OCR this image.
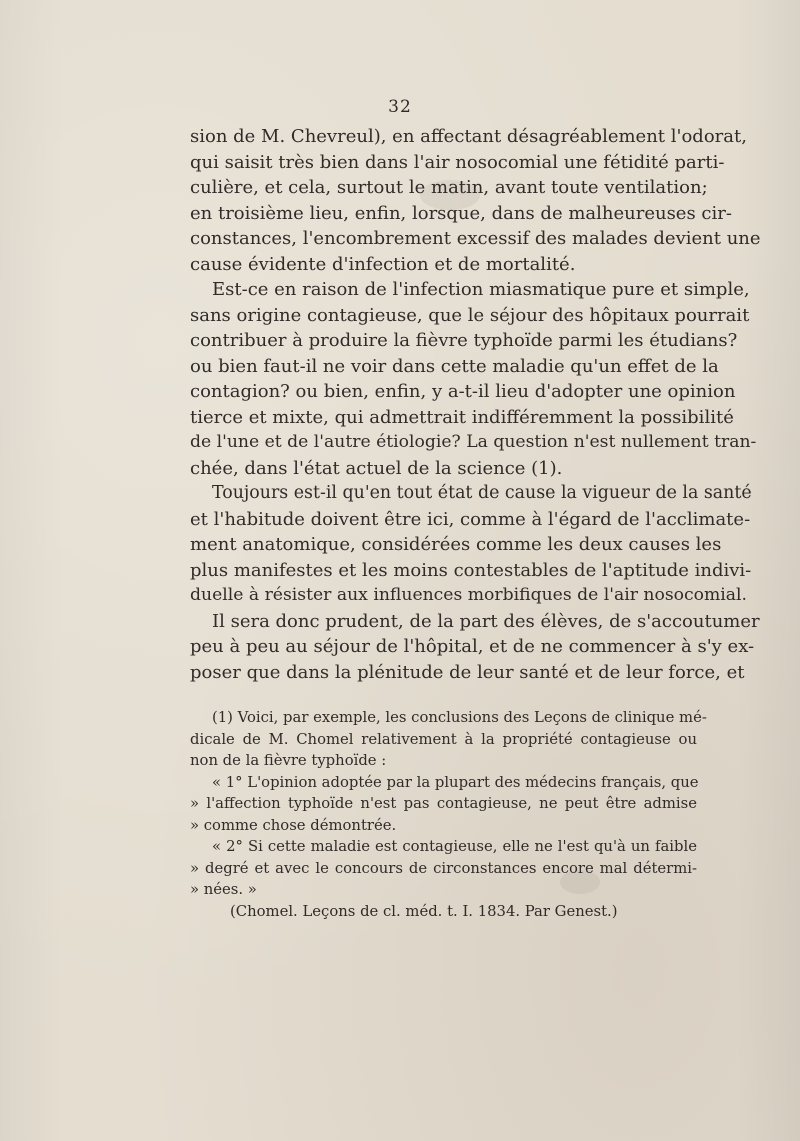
32
sion de M. Chevreul), en affectant désagréablement l'odorat,
qui saisit très bien dans l'air nosocomial une fétidité parti-
culière, et cela, surtout le matin, avant toute ventilation;
en troisième lieu, enfin, lorsque, dans de malheureuses cir-
constances, l'encombrement excessif des malades devient une
cause évidente d'infection et de mortalité.
Est-ce en raison de l'infection miasmatique pure et simple,
sans origine contagieuse, que le séjour des hôpitaux pourrait
contribuer à produire la fièvre typhoïde parmi les étudians?
ou bien faut-il ne voir dans cette maladie qu'un effet de la
contagion? ou bien, enfin, y a-t-il lieu d'adopter une opinion
tierce et mixte, qui admettrait indifféremment la possibilité
de l'une et de l'autre étiologie? La question n'est nullement tran-
chée, dans l'état actuel de la science (1).
Toujours est-il qu'en tout état de cause la vigueur de la santé
et l'habitude doivent être ici, comme à l'égard de l'acclimate-
ment anatomique, considérées comme les deux causes les
plus manifestes et les moins contestables de l'aptitude indivi-
duelle à résister aux influences morbifiques de l'air nosocomial.
Il sera donc prudent, de la part des élèves, de s'accoutumer
peu à peu au séjour de l'hôpital, et de ne commencer à s'y ex-
poser que dans la plénitude de leur santé et de leur force, et
(1) Voici, par exemple, les conclusions des Leçons de clinique mé-
dicale de M. Chomel relativement à la propriété contagieuse ou
non de la fièvre typhoïde :
« 1° L'opinion adoptée par la plupart des médecins français, que
» l'affection typhoïde n'est pas contagieuse, ne peut être admise
» comme chose démontrée.
« 2° Si cette maladie est contagieuse, elle ne l'est qu'à un faible
» degré et avec le concours de circonstances encore mal détermi-
» nées. »
(Chomel. Leçons de cl. méd. t. I. 1834. Par Genest.)
